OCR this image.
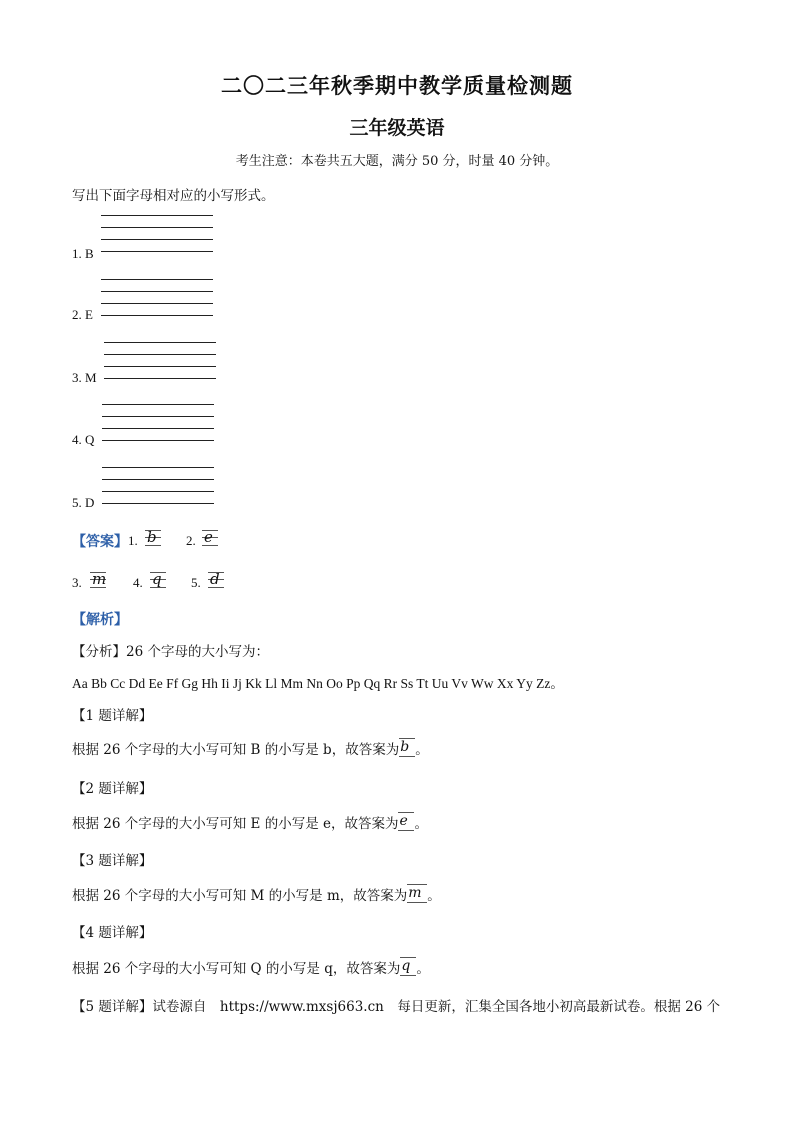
二〇二三年秋季期中教学质量检测题
三年级英语
考生注意：本卷共五大题，满分 50 分，时量 40 分钟。
写出下面字母相对应的小写形式。
1. B
2. E
3. M
4. Q
5. D
【答案】 1. b 2. e
3. m 4. q 5. d
【解析】
【分析】26 个字母的大小写为：
Aa Bb Cc Dd Ee Ff Gg Hh Ii Jj Kk Ll Mm Nn Oo Pp Qq Rr Ss Tt Uu Vv Ww Xx Yy Zz。
【1 题详解】
根据 26 个字母的大小写可知 B 的小写是 b，故答案为 b 。
【2 题详解】
根据 26 个字母的大小写可知 E 的小写是 e，故答案为 e 。
【3 题详解】
根据 26 个字母的大小写可知 M 的小写是 m，故答案为 m 。
【4 题详解】
根据 26 个字母的大小写可知 Q 的小写是 q，故答案为 q 。
【5 题详解】试卷源自　https://www.mxsj663.cn　每日更新，汇集全国各地小初高最新试卷。根据 26 个
